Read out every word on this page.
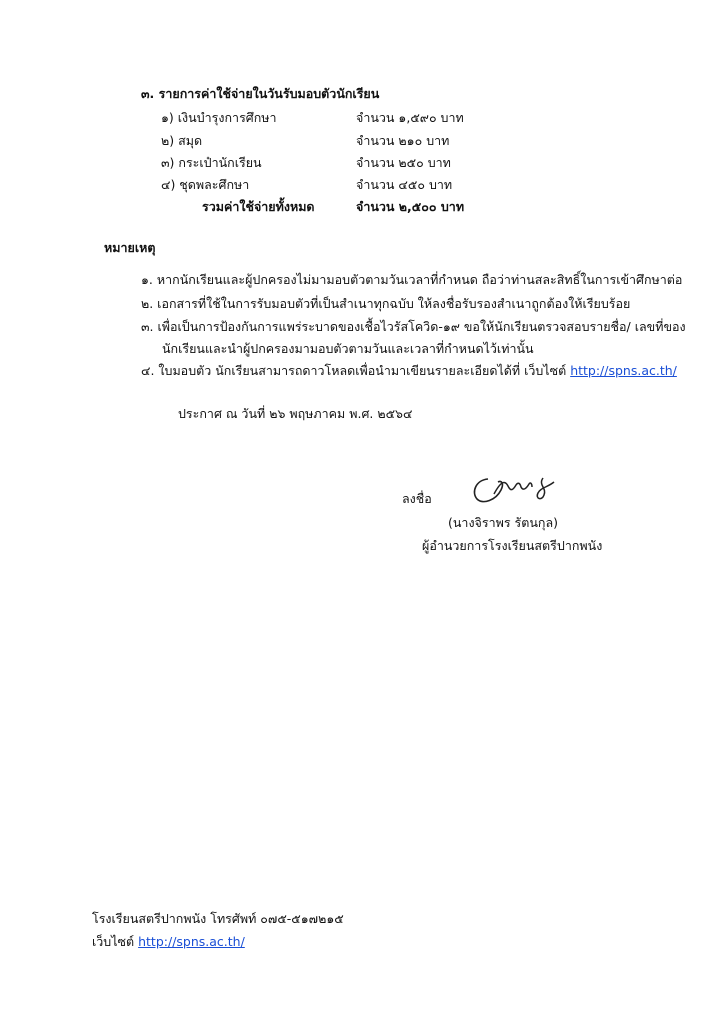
๓. รายการค่าใช้จ่ายในวันรับมอบตัวนักเรียน
๑) เงินบำรุงการศึกษา	จำนวน ๑,๕๙๐ บาท
๒) สมุด	จำนวน ๒๑๐ บาท
๓) กระเป๋านักเรียน	จำนวน ๒๕๐ บาท
๔) ชุดพละศึกษา	จำนวน ๔๕๐ บาท
รวมค่าใช้จ่ายทั้งหมด	จำนวน ๒,๕๐๐ บาท
หมายเหตุ
๑. หากนักเรียนและผู้ปกครองไม่มามอบตัวตามวันเวลาที่กำหนด ถือว่าท่านสละสิทธิ์ในการเข้าศึกษาต่อ
๒. เอกสารที่ใช้ในการรับมอบตัวที่เป็นสำเนาทุกฉบับ ให้ลงชื่อรับรองสำเนาถูกต้องให้เรียบร้อย
๓. เพื่อเป็นการป้องกันการแพร่ระบาดของเชื้อไวรัสโควิด-๑๙ ขอให้นักเรียนตรวจสอบรายชื่อ/ เลขที่ของ
นักเรียนและนำผู้ปกครองมามอบตัวตามวันและเวลาที่กำหนดไว้เท่านั้น
๔. ใบมอบตัว นักเรียนสามารถดาวโหลดเพื่อนำมาเขียนรายละเอียดได้ที่ เว็บไซต์ http://spns.ac.th/
ประกาศ ณ วันที่ ๒๖ พฤษภาคม พ.ศ. ๒๕๖๔
ลงชื่อ
(นางจิราพร รัตนกุล)
ผู้อำนวยการโรงเรียนสตรีปากพนัง
โรงเรียนสตรีปากพนัง โทรศัพท์ ๐๗๕-๕๑๗๒๑๕
เว็บไซต์ http://spns.ac.th/
